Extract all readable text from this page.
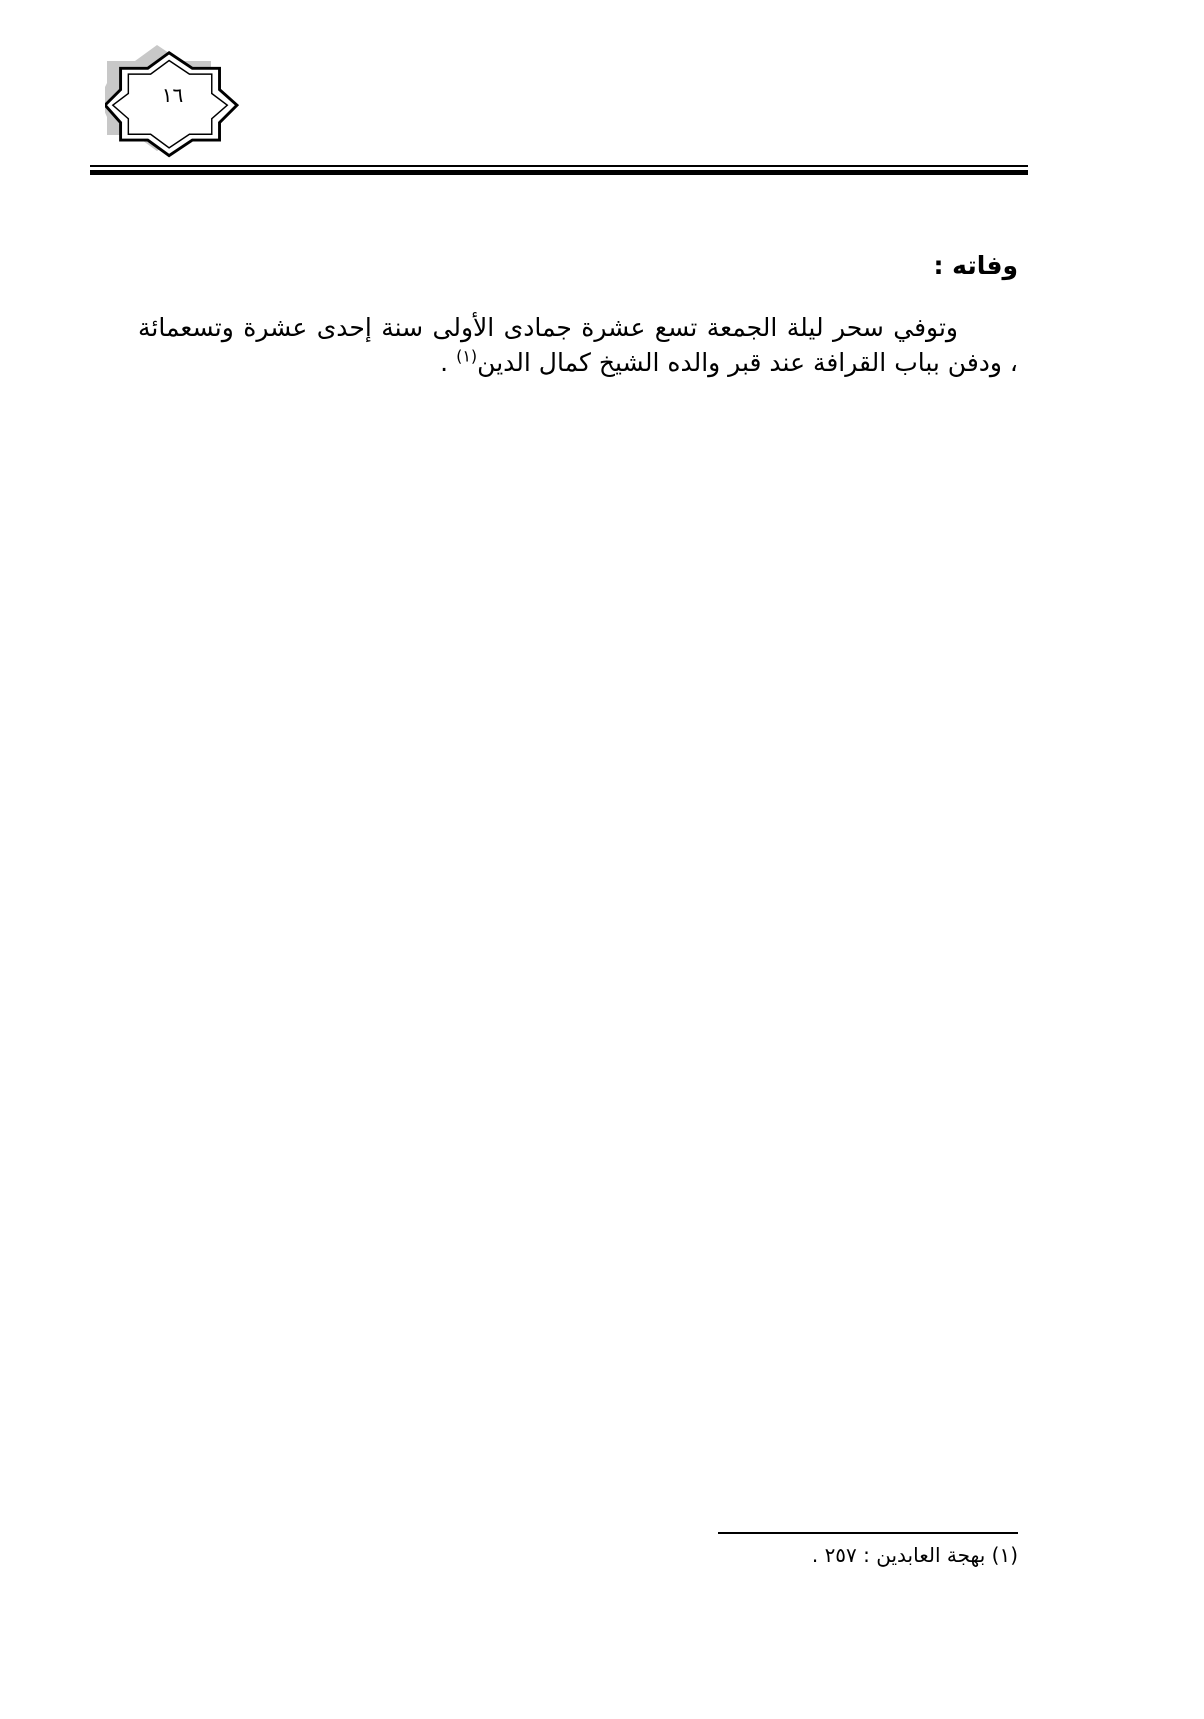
١٦
وفاته :
وتوفي سحر ليلة الجمعة تسع عشرة جمادى الأولى سنة إحدى عشرة وتسعمائة ، ودفن بباب القرافة عند قبر والده الشيخ كمال الدين$^{(١)}$ .
(١) بهجة العابدين : ٢٥٧ .
